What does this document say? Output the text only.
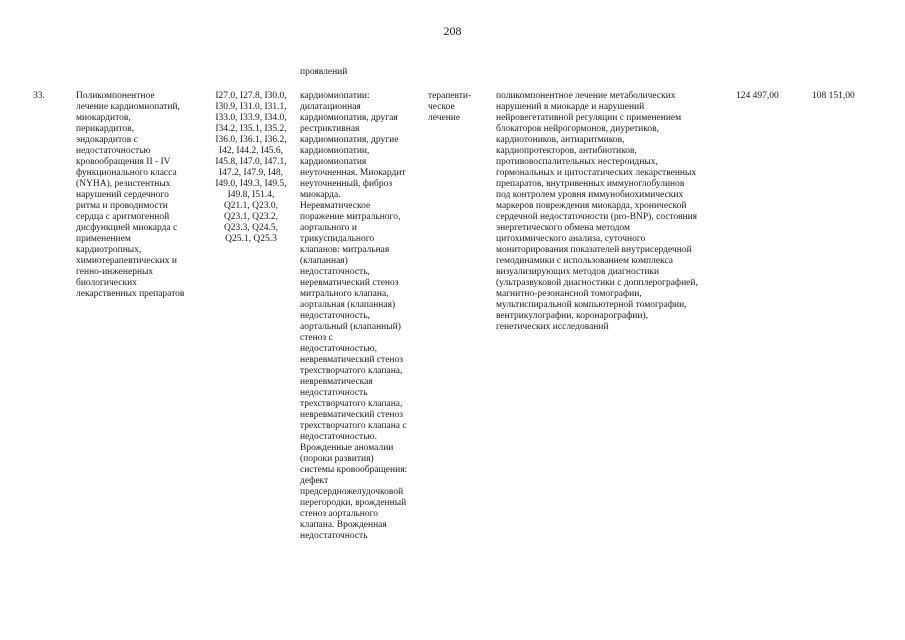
208
проявлений
33.	Поликомпонентное
лечение кардиомиопатий,
миокардитов,
перикардитов,
эндокардитов с
недостаточностью
кровообращения II - IV
функционального класса
(NYHA), резистентных
нарушений сердечного
ритма и проводимости
сердца с аритмогенной
дисфункцией миокарда с
применением
кардиотропных,
химиотерапевтических и
генно-инженерных
биологических
лекарственных препаратов
I27.0, I27.8, I30.0,
I30.9, I31.0, I31.1,
I33.0, I33.9, I34.0,
I34.2, I35.1, I35.2,
I36.0, I36.1, I36.2,
I42, I44.2, I45.6,
I45.8, I47.0, I47.1,
I47.2, I47.9, I48,
I49.0, I49.3, I49.5,
I49.8, I51.4,
Q21.1, Q23.0,
Q23.1, Q23.2,
Q23.3, Q24.5,
Q25.1, Q25.3
кардиомиопатии:
дилатационная
кардиомиопатия, другая
рестриктивная
кардиомиопатия, другие
кардиомиопатии,
кардиомиопатия
неуточненная. Миокардит
неуточненный, фиброз
миокарда.
Неревматическое
поражение митрального,
аортального и
трикуспидального
клапанов: митральная
(клапанная)
недостаточность,
неревматический стеноз
митрального клапана,
аортальная (клапанная)
недостаточность,
аортальный (клапанный)
стеноз с
недостаточностью,
невревматический стеноз
трехстворчатого клапана,
невревматическая
недостаточность
трехстворчатого клапана,
невревматический стеноз
трехстворчатого клапана с
недостаточностью.
Врожденные аномалии
(пороки развития)
системы кровообращения:
дефект
предсердножелудочковой
перегородки, врожденный
стеноз аортального
клапана. Врожденная
недостаточность
терапевти-
ческое
лечение
поликомпонентное лечение метаболических
нарушений в миокарде и нарушений
нейровегетативной регуляции с применением
блокаторов нейрогормонов, диуретиков,
кардиотоников, антиаритмиков,
кардиопротекторов, антибиотиков,
противовоспалительных нестероидных,
гормональных и цитостатических лекарственных
препаратов, внутривенных иммуноглобулинов
под контролем уровня иммунобиохимических
маркеров повреждения миокарда, хронической
сердечной недостаточности (pro-BNP), состояния
энергетического обмена методом
цитохимического анализа, суточного
мониторирования показателей внутрисердечной
гемодинамики с использованием комплекса
визуализирующих методов диагностики
(ультразвуковой диагностики с допплерографией,
магнитно-резонансной томографии,
мультиспиральной компьютерной томографии,
вентрикулографии, коронарографии),
генетических исследований
124 497,00	108 151,00
